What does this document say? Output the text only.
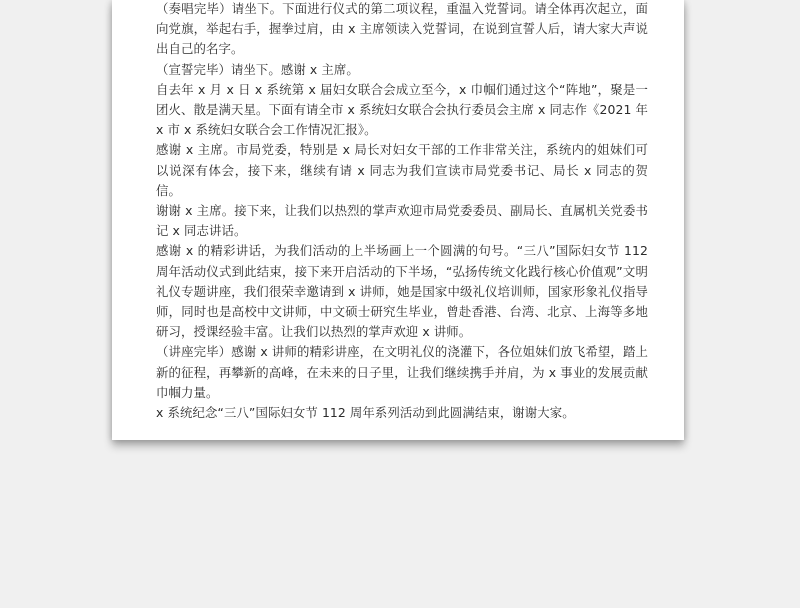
（奏唱完毕）请坐下。下面进行仪式的第二项议程，重温入党誓词。请全体再次起立，面向党旗，举起右手，握拳过肩，由 x 主席领读入党誓词，在说到宣誓人后，请大家大声说出自己的名字。

（宣誓完毕）请坐下。感谢 x 主席。

自去年 x 月 x 日 x 系统第 x 届妇女联合会成立至今，x 巾帼们通过这个“阵地”，聚是一团火、散是满天星。下面有请全市 x 系统妇女联合会执行委员会主席 x 同志作《2021 年 x 市 x 系统妇女联合会工作情况汇报》。

感谢 x 主席。市局党委，特别是 x 局长对妇女干部的工作非常关注，系统内的姐妹们可以说深有体会，接下来，继续有请 x 同志为我们宣读市局党委书记、局长 x 同志的贺信。

谢谢 x 主席。接下来，让我们以热烈的掌声欢迎市局党委委员、副局长、直属机关党委书记 x 同志讲话。

感谢 x 的精彩讲话，为我们活动的上半场画上一个圆满的句号。“三八”国际妇女节 112 周年活动仪式到此结束，接下来开启活动的下半场，“弘扬传统文化践行核心价值观”文明礼仪专题讲座，我们很荣幸邀请到 x 讲师，她是国家中级礼仪培训师，国家形象礼仪指导师，同时也是高校中文讲师，中文硕士研究生毕业，曾赴香港、台湾、北京、上海等多地研习，授课经验丰富。让我们以热烈的掌声欢迎 x 讲师。

（讲座完毕）感谢 x 讲师的精彩讲座，在文明礼仪的浇灌下，各位姐妹们放飞希望，踏上新的征程，再攀新的高峰，在未来的日子里，让我们继续携手并肩，为 x 事业的发展贡献巾帼力量。

x 系统纪念“三八”国际妇女节 112 周年系列活动到此圆满结束，谢谢大家。
